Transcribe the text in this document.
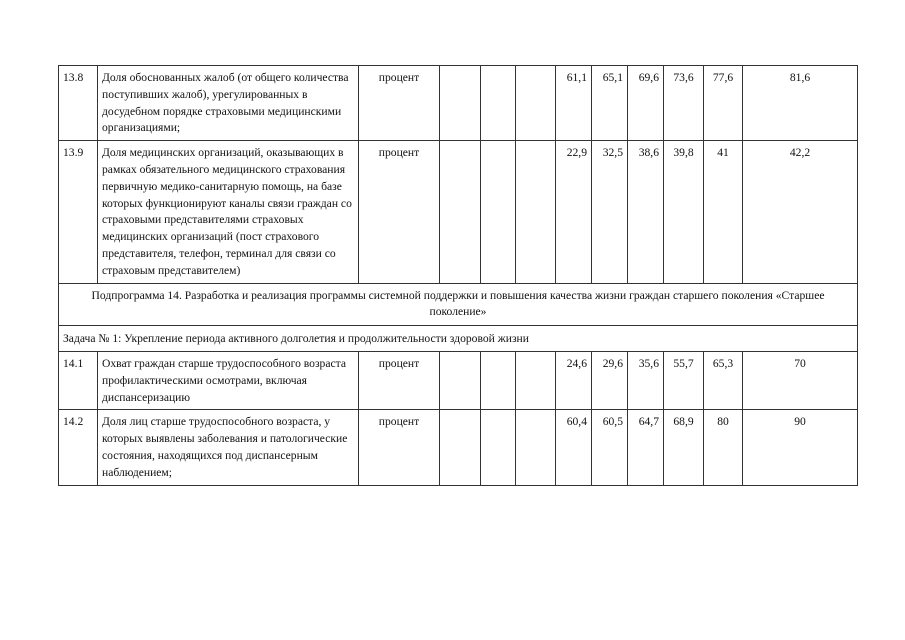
13.8	Доля обоснованных жалоб (от общего количества поступивших жалоб), урегулированных в досудебном порядке страховыми медицинскими организациями;	процент				61,1	65,1	69,6	73,6	77,6	81,6
13.9	Доля медицинских организаций, оказывающих в рамках обязательного медицинского страхования первичную медико-санитарную помощь, на базе которых функционируют каналы связи граждан со страховыми представителями страховых медицинских организаций (пост страхового представителя, телефон, терминал для связи со страховым представителем)	процент				22,9	32,5	38,6	39,8	41	42,2
Подпрограмма 14. Разработка и реализация программы системной поддержки и повышения качества жизни граждан старшего поколения «Старшее поколение»											
Задача № 1: Укрепление периода активного долголетия и продолжительности здоровой жизни											
14.1	Охват граждан старше трудоспособного возраста профилактическими осмотрами, включая диспансеризацию	процент				24,6	29,6	35,6	55,7	65,3	70
14.2	Доля лиц старше трудоспособного возраста, у которых выявлены заболевания и патологические состояния, находящихся под диспансерным наблюдением;	процент				60,4	60,5	64,7	68,9	80	90
